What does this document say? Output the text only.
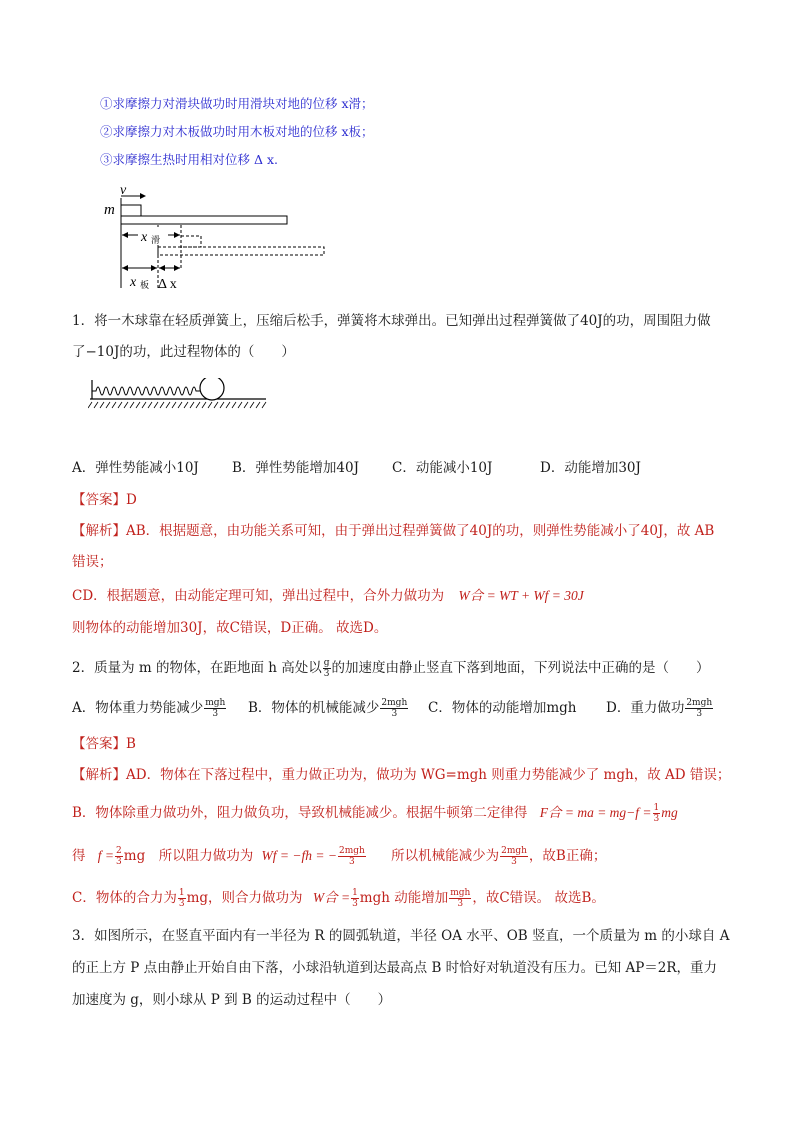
①求摩擦力对滑块做功时用滑块对地的位移 x滑；
②求摩擦力对木板做功时用木板对地的位移 x板；
③求摩擦生热时用相对位移 Δ x.
v
m
x 滑
x 板 Δ x
1．将一木球靠在轻质弹簧上，压缩后松手，弹簧将木球弹出。已知弹出过程弹簧做了40J的功，周围阻力做
了−10J的功，此过程物体的（　　）
A．弹性势能减小10J B．弹性势能增加40J C．动能减小10J	D．动能增加30J
【答案】D
【解析】AB．根据题意，由功能关系可知，由于弹出过程弹簧做了40J的功，则弹性势能减小了40J，故 AB
错误；
CD．根据题意，由动能定理可知，弹出过程中，合外力做功为 W合 = WT + Wf = 30J
则物体的动能增加30J，故C错误，D正确。 故选D。
2．质量为 m 的物体，在距地面 h 高处以 $\frac{g}{3}$ 的加速度由静止竖直下落到地面，下列说法中正确的是（　　）
A．物体重力势能减少 $\frac{\text{mgh}}{3}$ B．物体的机械能减少 $\frac{\text{2mgh}}{3}$ C．物体的动能增加mgh D．重力做功 $\frac{\text{2mgh}}{3}$
【答案】B
【解析】AD．物体在下落过程中，重力做正功为，做功为 WG=mgh 则重力势能减少了 mgh，故 AD 错误；
B．物体除重力做功外，阻力做负功，导致机械能减少。根据牛顿第二定律得 F合 = ma = $mg-f = \frac{1}{3}$ mg
得 $f = \frac{2}{3}$ mg　所以阻力做功为 Wf = −fh = − $\frac{\text{2mgh}}{3}$ 所以机械能减少为 $\frac{\text{2mgh}}{3}$ ，故B正确；
C．物体的合力为 $\frac{1}{3}$ mg，则合力做功为 W合 = $\frac{1}{3}$ mgh 动能增加 $\frac{\text{mgh}}{3}$ ，故C错误。 故选B。
3．如图所示，在竖直平面内有一半径为 R 的圆弧轨道，半径 OA 水平、OB 竖直，一个质量为 m 的小球自 A
的正上方 P 点由静止开始自由下落，小球沿轨道到达最高点 B 时恰好对轨道没有压力。已知 AP＝2R，重力
加速度为 g，则小球从 P 到 B 的运动过程中（　　）
